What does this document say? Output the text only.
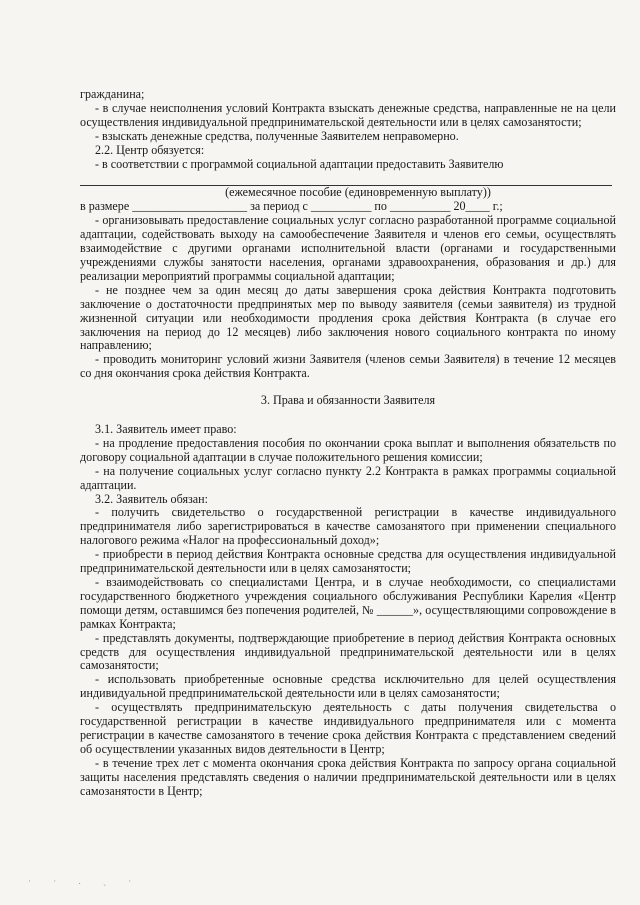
гражданина;

- в случае неисполнения условий Контракта взыскать денежные средства, направленные не на цели осуществления индивидуальной предпринимательской деятельности или в целях самозанятости;

- взыскать денежные средства, полученные Заявителем неправомерно.

2.2. Центр обязуется:

- в соответствии с программой социальной адаптации предоставить Заявителю

(ежемесячное пособие (единовременную выплату))

в размере ___________________ за период с __________ по __________ 20____ г.;

- организовывать предоставление социальных услуг согласно разработанной программе социальной адаптации, содействовать выходу на самообеспечение Заявителя и членов его семьи, осуществлять взаимодействие с другими органами исполнительной власти (органами и государственными учреждениями службы занятости населения, органами здравоохранения, образования и др.) для реализации мероприятий программы социальной адаптации;

- не позднее чем за один месяц до даты завершения срока действия Контракта подготовить заключение о достаточности предпринятых мер по выводу заявителя (семьи заявителя) из трудной жизненной ситуации или необходимости продления срока действия Контракта (в случае его заключения на период до 12 месяцев) либо заключения нового социального контракта по иному направлению;

- проводить мониторинг условий жизни Заявителя (членов семьи Заявителя) в течение 12 месяцев со дня окончания срока действия Контракта.

3. Права и обязанности Заявителя

3.1. Заявитель имеет право:

- на продление предоставления пособия по окончании срока выплат и выполнения обязательств по договору социальной адаптации в случае положительного решения комиссии;

- на получение социальных услуг согласно пункту 2.2 Контракта в рамках программы социальной адаптации.

3.2. Заявитель обязан:

- получить свидетельство о государственной регистрации в качестве индивидуального предпринимателя либо зарегистрироваться в качестве самозанятого при применении специального налогового режима «Налог на профессиональный доход»;

- приобрести в период действия Контракта основные средства для осуществления индивидуальной предпринимательской деятельности или в целях самозанятости;

- взаимодействовать со специалистами Центра, и в случае необходимости, со специалистами государственного бюджетного учреждения социального обслуживания Республики Карелия «Центр помощи детям, оставшимся без попечения родителей, № ______», осуществляющими сопровождение в рамках Контракта;

- представлять документы, подтверждающие приобретение в период действия Контракта основных средств для осуществления индивидуальной предпринимательской деятельности или в целях самозанятости;

- использовать приобретенные основные средства исключительно для целей осуществления индивидуальной предпринимательской деятельности или в целях самозанятости;

- осуществлять предпринимательскую деятельность с даты получения свидетельства о государственной регистрации в качестве индивидуального предпринимателя или с момента регистрации в качестве самозанятого в течение срока действия Контракта с представлением сведений об осуществлении указанных видов деятельности в Центр;

- в течение трех лет с момента окончания срока действия Контракта по запросу органа социальной защиты населения представлять сведения о наличии предпринимательской деятельности или в целях самозанятости в Центр;

· · . ˎ ·
